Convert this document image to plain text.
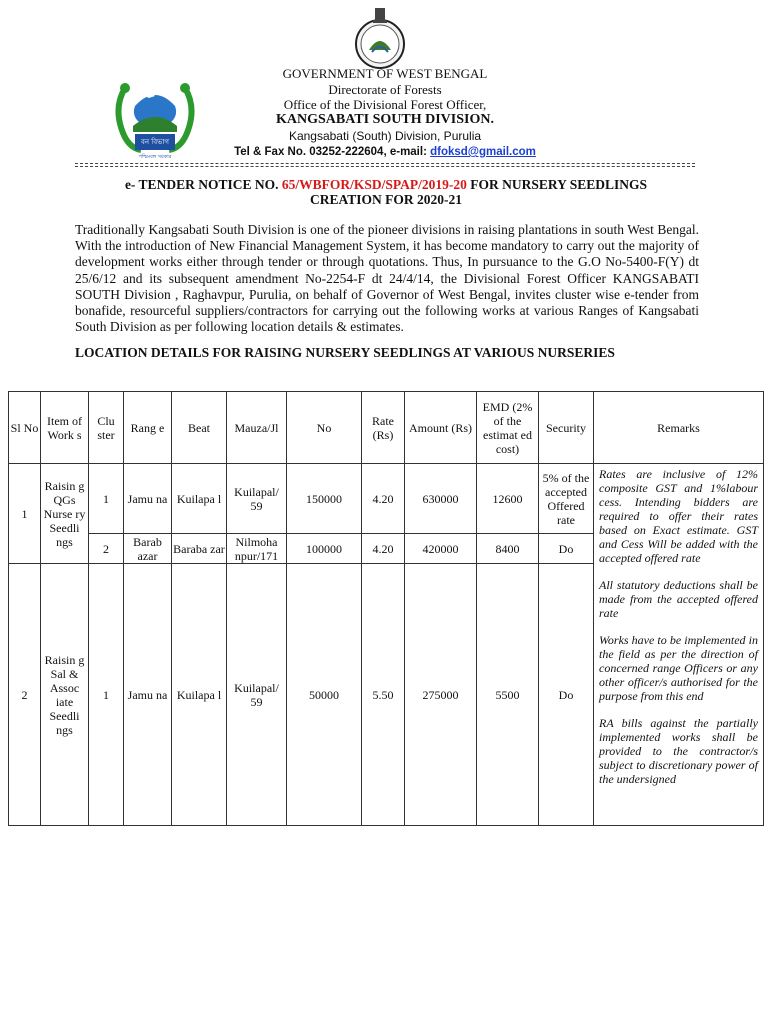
বন বিভাগ
পশ্চিমবঙ্গ সরকার
GOVERNMENT OF WEST BENGAL
Directorate of Forests
Office of the Divisional Forest Officer,
KANGSABATI SOUTH DIVISION.
Kangsabati (South) Division, Purulia
Tel & Fax No. 03252-222604, e-mail: dfoksd@gmail.com
e- TENDER NOTICE NO. 65/WBFOR/KSD/SPAP/2019-20 FOR NURSERY SEEDLINGS
CREATION FOR 2020-21
Traditionally Kangsabati South Division is one of the pioneer divisions in raising plantations in south West Bengal. With the introduction of New Financial Management System, it has become mandatory to carry out the majority of development works either through tender or through quotations. Thus, In pursuance to the G.O No-5400-F(Y) dt 25/6/12 and its subsequent amendment No-2254-F dt 24/4/14, the Divisional Forest Officer KANGSABATI SOUTH Division , Raghavpur, Purulia, on behalf of Governor of West Bengal, invites cluster wise e-tender from bonafide, resourceful suppliers/contractors for carrying out the following works at various Ranges of Kangsabati South Division as per following location details & estimates.
LOCATION DETAILS FOR RAISING NURSERY SEEDLINGS AT VARIOUS NURSERIES
Sl No	Item of Work s	Clu ster	Rang e	Beat	Mauza/Jl	No	Rate (Rs)	Amount (Rs)	EMD (2% of the estimat ed cost)	Security	Remarks
1	Raisin g QGs Nurse ry Seedli ngs	1	Jamu na	Kuilapa l	Kuilapal/ 59	150000	4.20	630000	12600	5% of the accepted Offered rate	Rates are inclusive of 12% composite GST and 1%labour cess. Intending bidders are required to offer their rates based on Exact estimate. GST and Cess Will be added with the accepted offered rate

All statutory deductions shall be made from the accepted offered rate

Works have to be implemented in the field as per the direction of concerned range Officers or any other officer/s authorised for the purpose from this end

RA bills against the partially implemented works shall be provided to the contractor/s subject to discretionary power of the undersigned

		2	Barab azar	Baraba zar	Nilmoha npur/171	100000	4.20	420000	8400	Do	
2	Raisin g Sal & Assoc iate Seedli ngs	1	Jamu na	Kuilapa l	Kuilapal/ 59	50000	5.50	275000	5500	Do	
